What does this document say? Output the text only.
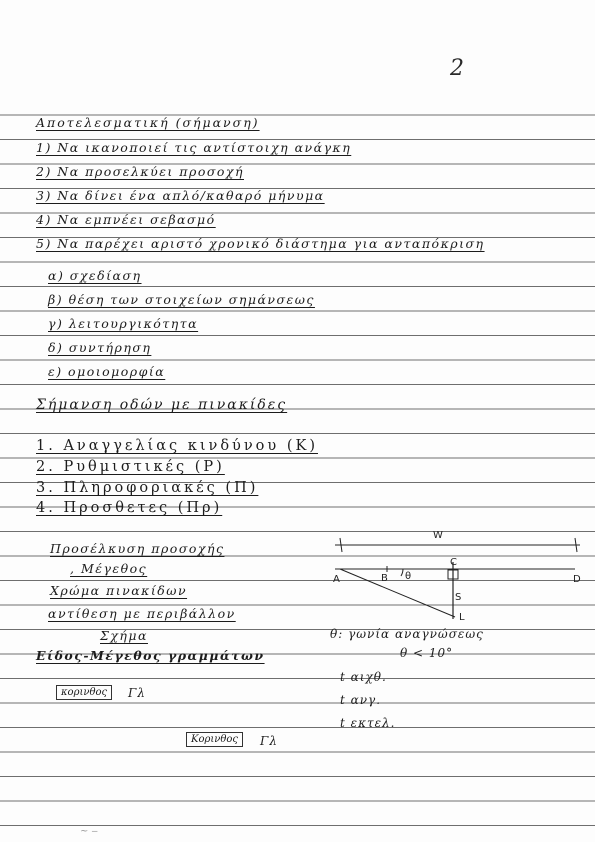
2
Αποτελεσματική (σήμανση)
1) Να ικανοποιεί τις αντίστοιχη ανάγκη
2) Να προσελκύει προσοχή
3) Να δίνει ένα απλό/καθαρό μήνυμα
4) Να εμπνέει σεβασμό
5) Να παρέχει αριστό χρονικό διάστημα για ανταπόκριση
α) σχεδίαση
β) θέση των στοιχείων σημάνσεως
γ) λειτουργικότητα
δ) συντήρηση
ε) ομοιομορφία
Σήμανση οδών με πινακίδες
1. Αναγγελίας κινδύνου (Κ)
2. Ρυθμιστικές (Ρ)
3. Πληροφοριακές (Π)
4. Προσθετες (Πρ)
Προσέλκυση προσοχής
, Μέγεθος
Χρώμα πινακίδων
αντίθεση με περιβάλλον
Σχήμα
Είδος-Μέγεθος γραμμάτων
W
A	B θ
C
S
L
D
θ: γωνία αναγνώσεως
θ < 10°
t αιχθ.
t ανγ.
t εκτελ.
κορινθος	Γλ
Κορινθος	Γλ
~ ‒
